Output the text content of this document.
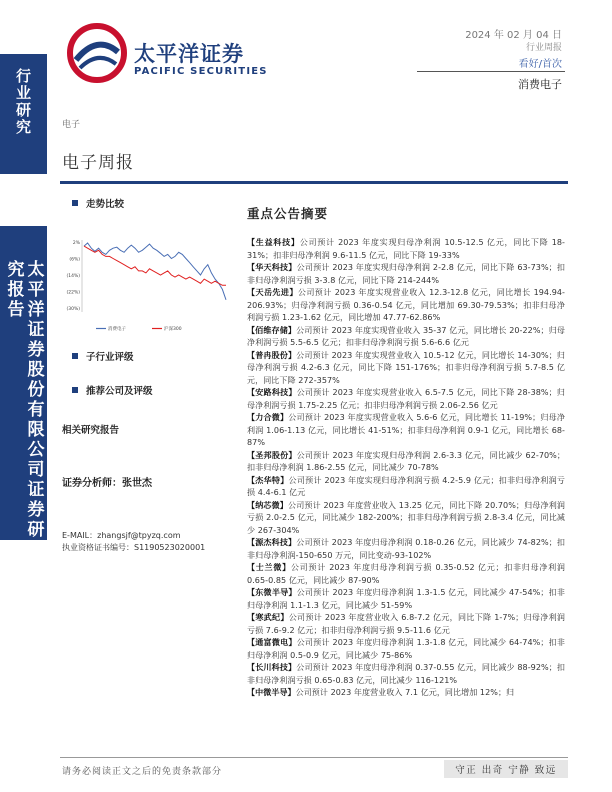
行业研究
太平洋证券股份有限公司证券研究报告
太平洋证券
PACIFIC SECURITIES
2024 年 02 月 04 日
行业周报
看好/首次
消费电子
电子
电子周报
走势比较
2%
(6%)
(14%)
(22%)
(30%)
消费电子	沪深300
子行业评级
推荐公司及评级
相关研究报告
证券分析师：张世杰
E-MAIL：zhangsjf@tpyzq.com
执业资格证书编号：S1190523020001
重点公告摘要

【生益科技】公司预计 2023 年度实现归母净利润 10.5-12.5 亿元，同比下降 18-31%；扣非归母净利润 9.6-11.5 亿元，同比下降 19-33%

【华天科技】公司预计 2023 年度实现归母净利润 2-2.8 亿元，同比下降 63-73%；扣非归母净利润亏损 3-3.8 亿元，同比下降 214-244%

【天岳先进】公司预计 2023 年度实现营业收入 12.3-12.8 亿元，同比增长 194.94-206.93%；归母净利润亏损 0.36-0.54 亿元，同比增加 69.30-79.53%；扣非归母净利润亏损 1.23-1.62 亿元，同比增加 47.77-62.86%

【佰维存储】公司预计 2023 年度实现营业收入 35-37 亿元，同比增长 20-22%；归母净利润亏损 5.5-6.5 亿元；扣非归母净利润亏损 5.6-6.6 亿元

【普冉股份】公司预计 2023 年度实现营业收入 10.5-12 亿元，同比增长 14-30%；归母净利润亏损 4.2-6.3 亿元，同比下降 151-176%；扣非归母净利润亏损 5.7-8.5 亿元，同比下降 272-357%

【安路科技】公司预计 2023 年度实现营业收入 6.5-7.5 亿元，同比下降 28-38%；归母净利润亏损 1.75-2.25 亿元；扣非归母净利润亏损 2.06-2.56 亿元

【力合微】公司预计 2023 年度实现营业收入 5.6-6 亿元，同比增长 11-19%；归母净利润 1.06-1.13 亿元，同比增长 41-51%；扣非归母净利润 0.9-1 亿元，同比增长 68-87%

【圣邦股份】公司预计 2023 年度实现归母净利润 2.6-3.3 亿元，同比减少 62-70%；扣非归母净利润 1.86-2.55 亿元，同比减少 70-78%

【杰华特】公司预计 2023 年度实现归母净利润亏损 4.2-5.9 亿元；扣非归母净利润亏损 4.4-6.1 亿元

【纳芯微】公司预计 2023 年度营业收入 13.25 亿元，同比下降 20.70%；归母净利润亏损 2.0-2.5 亿元，同比减少 182-200%；扣非归母净利润亏损 2.8-3.4 亿元，同比减少 267-304%

【源杰科技】公司预计 2023 年度归母净利润 0.18-0.26 亿元，同比减少 74-82%；扣非归母净利润-150-650 万元，同比变动-93-102%

【士兰微】公司预计 2023 年度归母净利润亏损 0.35-0.52 亿元；扣非归母净利润 0.65-0.85 亿元，同比减少 87-90%

【东微半导】公司预计 2023 年度归母净利润 1.3-1.5 亿元，同比减少 47-54%；扣非归母净利润 1.1-1.3 亿元，同比减少 51-59%

【寒武纪】公司预计 2023 年度营业收入 6.8-7.2 亿元，同比下降 1-7%；归母净利润亏损 7.6-9.2 亿元；扣非归母净利润亏损 9.5-11.6 亿元

【通富微电】公司预计 2023 年度归母净利润 1.3-1.8 亿元，同比减少 64-74%；扣非归母净利润 0.5-0.9 亿元，同比减少 75-86%

【长川科技】公司预计 2023 年度归母净利润 0.37-0.55 亿元，同比减少 88-92%；扣非归母净利润亏损 0.65-0.83 亿元，同比减少 116-121%

【中微半导】公司预计 2023 年度营业收入 7.1 亿元，同比增加 12%；归

请务必阅读正文之后的免责条款部分	守正 出奇 宁静 致远
